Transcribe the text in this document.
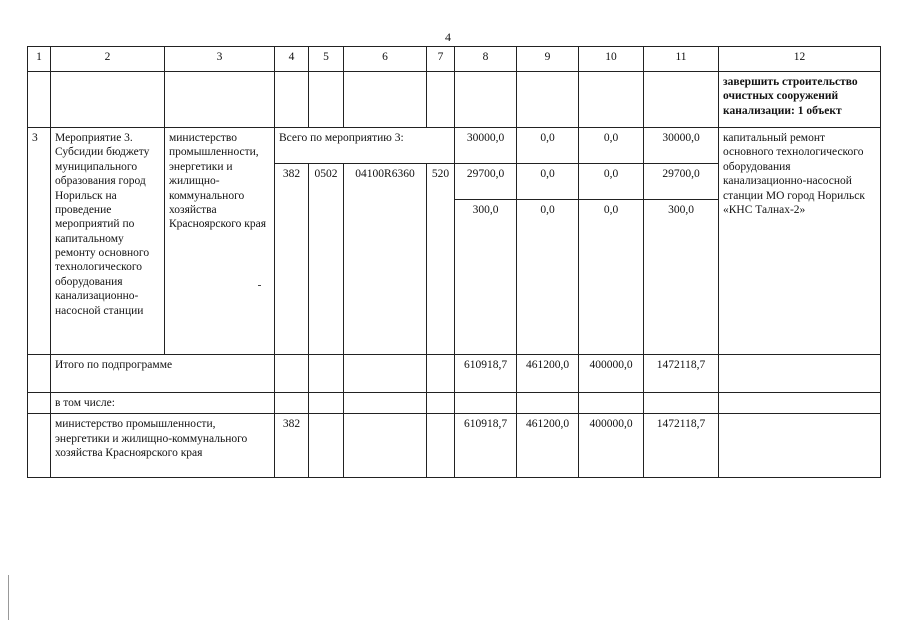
4
1	2	3	4	5	6	7	8	9	10	11	12
											завершить строительство очистных сооружений канализации: 1 объект
3	Мероприятие 3. Субсидии бюджету муниципального образования город Норильск на проведение мероприятий по капитальному ремонту основного технологического оборудования канализационно-насосной станции	министерство промышленности, энергетики и жилищно-коммунального хозяйства Красноярского края	Всего по мероприятию 3:				30000,0	0,0	0,0	30000,0	капитальный ремонт основного технологического оборудования канализационно-насосной станции МО город Норильск «КНС Талнах-2»
			382	0502	04100R6360	520	29700,0	0,0	0,0	29700,0	
							300,0	0,0	0,0	300,0	
	Итого по подпрограмме						610918,7	461200,0	400000,0	1472118,7	
	в том числе:										
	министерство промышленности, энергетики и жилищно-коммунального хозяйства Красноярского края		382				610918,7	461200,0	400000,0	1472118,7	
